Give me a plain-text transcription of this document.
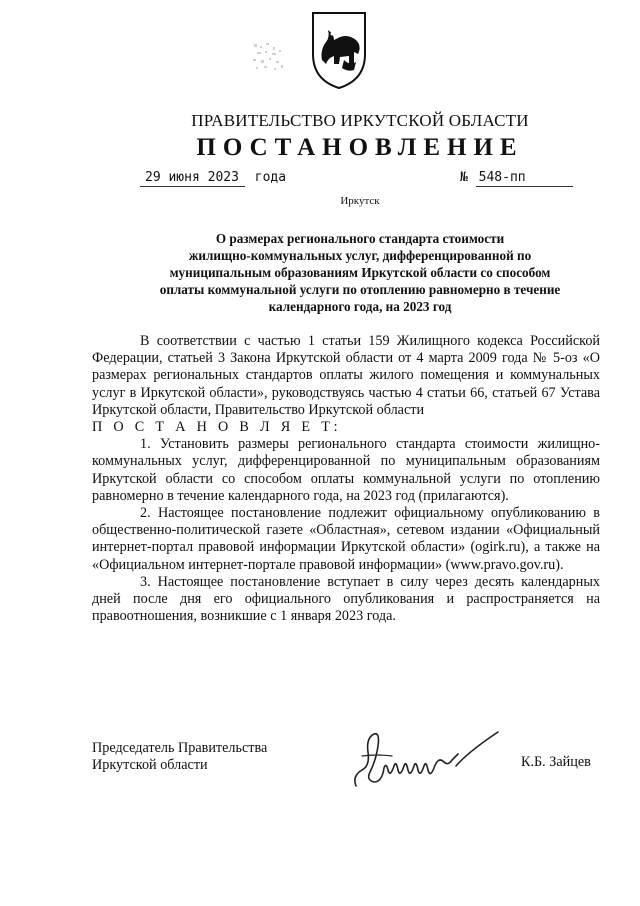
ПРАВИТЕЛЬСТВО ИРКУТСКОЙ ОБЛАСТИ
ПОСТАНОВЛЕНИЕ
29 июня 2023 года	№ 548-пп
Иркутск
О размерах регионального стандарта стоимости
жилищно-коммунальных услуг, дифференцированной по
муниципальным образованиям Иркутской области со способом
оплаты коммунальной услуги по отоплению равномерно в течение
календарного года, на 2023 год

В соответствии с частью 1 статьи 159 Жилищного кодекса Российской Федерации, статьей 3 Закона Иркутской области от 4 марта 2009 года № 5-оз «О размерах региональных стандартов оплаты жилого помещения и коммунальных услуг в Иркутской области», руководствуясь частью 4 статьи 66, статьей 67 Устава Иркутской области, Правительство Иркутской области

П О С Т А Н О В Л Я Е Т:

1. Установить размеры регионального стандарта стоимости жилищно-коммунальных услуг, дифференцированной по муниципальным образованиям Иркутской области со способом оплаты коммунальной услуги по отоплению равномерно в течение календарного года, на 2023 год (прилагаются).

2. Настоящее постановление подлежит официальному опубликованию в общественно-политической газете «Областная», сетевом издании «Официальный интернет-портал правовой информации Иркутской области» (ogirk.ru), а также на «Официальном интернет-портале правовой информации» (www.pravo.gov.ru).

3. Настоящее постановление вступает в силу через десять календарных дней после дня его официального опубликования и распространяется на правоотношения, возникшие с 1 января 2023 года.

Председатель Правительства
Иркутской области	К.Б. Зайцев
